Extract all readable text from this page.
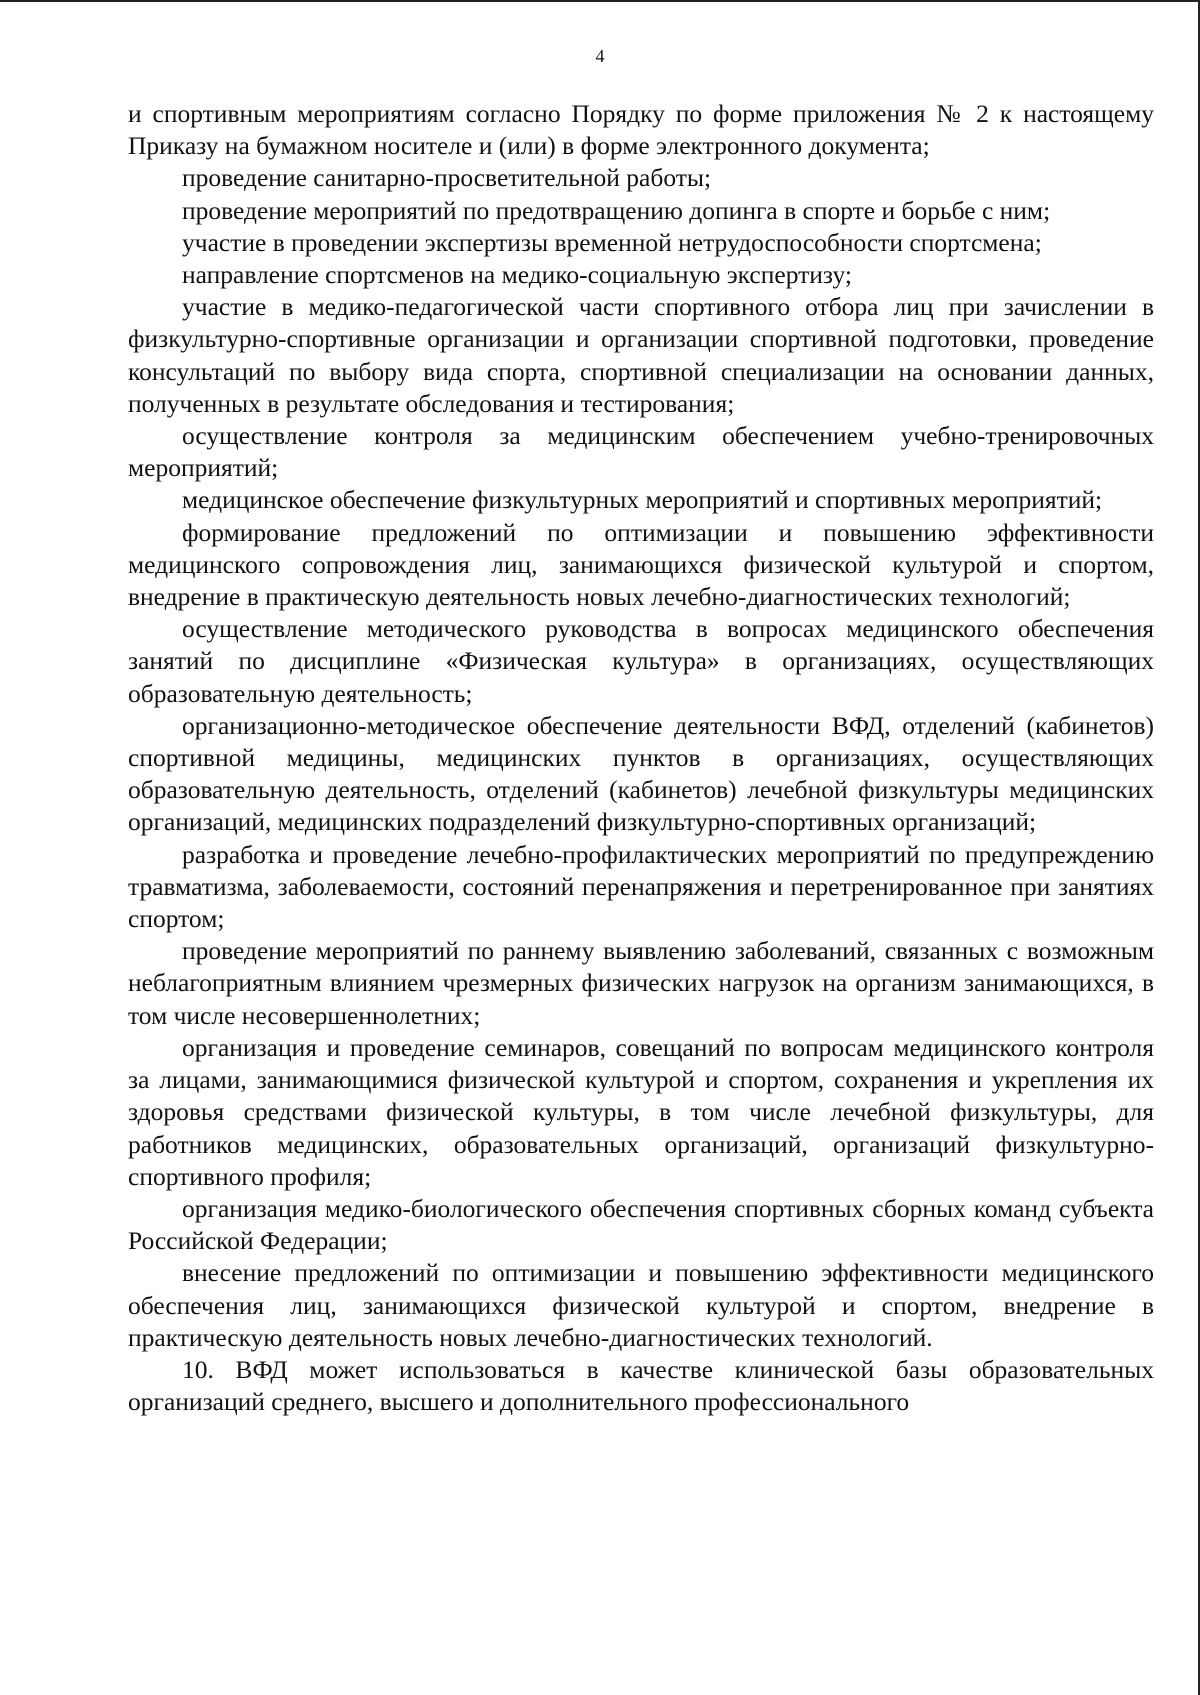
4

и спортивным мероприятиям согласно Порядку по форме приложения № 2 к настоящему Приказу на бумажном носителе и (или) в форме электронного документа;

проведение санитарно-просветительной работы;

проведение мероприятий по предотвращению допинга в спорте и борьбе с ним;

участие в проведении экспертизы временной нетрудоспособности спортсмена;

направление спортсменов на медико-социальную экспертизу;

участие в медико-педагогической части спортивного отбора лиц при зачислении в физкультурно-спортивные организации и организации спортивной подготовки, проведение консультаций по выбору вида спорта, спортивной специализации на основании данных, полученных в результате обследования и тестирования;

осуществление контроля за медицинским обеспечением учебно-тренировочных мероприятий;

медицинское обеспечение физкультурных мероприятий и спортивных мероприятий;

формирование предложений по оптимизации и повышению эффективности медицинского сопровождения лиц, занимающихся физической культурой и спортом, внедрение в практическую деятельность новых лечебно-диагностических технологий;

осуществление методического руководства в вопросах медицинского обеспечения занятий по дисциплине «Физическая культура» в организациях, осуществляющих образовательную деятельность;

организационно-методическое обеспечение деятельности ВФД, отделений (кабинетов) спортивной медицины, медицинских пунктов в организациях, осуществляющих образовательную деятельность, отделений (кабинетов) лечебной физкультуры медицинских организаций, медицинских подразделений физкультурно-спортивных организаций;

разработка и проведение лечебно-профилактических мероприятий по предупреждению травматизма, заболеваемости, состояний перенапряжения и перетренированное при занятиях спортом;

проведение мероприятий по раннему выявлению заболеваний, связанных с возможным неблагоприятным влиянием чрезмерных физических нагрузок на организм занимающихся, в том числе несовершеннолетних;

организация и проведение семинаров, совещаний по вопросам медицинского контроля за лицами, занимающимися физической культурой и спортом, сохранения и укрепления их здоровья средствами физической культуры, в том числе лечебной физкультуры, для работников медицинских, образовательных организаций, организаций физкультурно-спортивного профиля;

организация медико-биологического обеспечения спортивных сборных команд субъекта Российской Федерации;

внесение предложений по оптимизации и повышению эффективности медицинского обеспечения лиц, занимающихся физической культурой и спортом, внедрение в практическую деятельность новых лечебно-диагностических технологий.

10. ВФД может использоваться в качестве клинической базы образовательных организаций среднего, высшего и дополнительного профессионального
